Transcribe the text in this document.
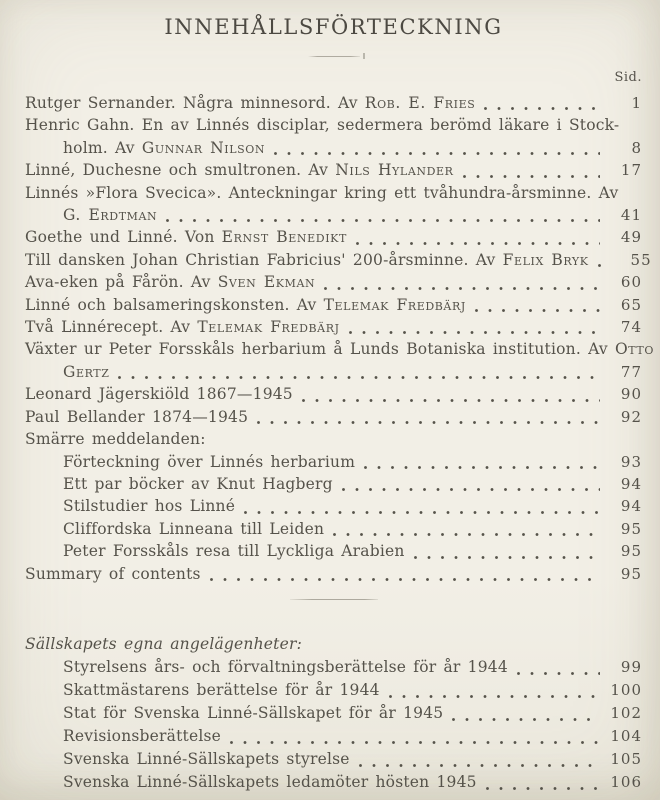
INNEHÅLLSFÖRTECKNING
Sid.
Rutger Sernander. Några minnesord. Av Rob. E. Fries	1
Henric Gahn. En av Linnés disciplar, sedermera berömd läkare i Stock-
holm. Av Gunnar Nilson	8
Linné, Duchesne och smultronen. Av Nils Hylander	17
Linnés »Flora Svecica». Anteckningar kring ett tvåhundra-årsminne. Av
G. Erdtman	41
Goethe und Linné. Von Ernst Benedikt	49
Till dansken Johan Christian Fabricius' 200-årsminne. Av Felix Bryk	55
Ava-eken på Fårön. Av Sven Ekman	60
Linné och balsameringskonsten. Av Telemak Fredbärj	65
Två Linnérecept. Av Telemak Fredbärj	74
Växter ur Peter Forsskåls herbarium å Lunds Botaniska institution. Av Otto
Gertz	77
Leonard Jägerskiöld 1867—1945	90
Paul Bellander 1874—1945	92
Smärre meddelanden:
Förteckning över Linnés herbarium	93
Ett par böcker av Knut Hagberg	94
Stilstudier hos Linné	94
Cliffordska Linneana till Leiden	95
Peter Forsskåls resa till Lyckliga Arabien	95
Summary of contents	95
Sällskapets egna angelägenheter:
Styrelsens års- och förvaltningsberättelse för år 1944	99
Skattmästarens berättelse för år 1944	100
Stat för Svenska Linné-Sällskapet för år 1945	102
Revisionsberättelse	104
Svenska Linné-Sällskapets styrelse	105
Svenska Linné-Sällskapets ledamöter hösten 1945	106
